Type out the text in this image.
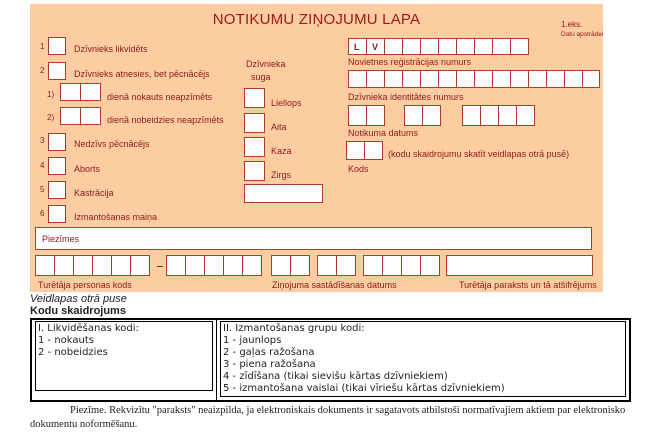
NOTIKUMU ZIŅOJUMU LAPA	1.eks.
Datu apstrādei
1	Dzīvnieks likvidēts
2	Dzīvnieks atnesies, bet pēcnācējs
1)	dienā nokauts neapzīmēts
2)	dienā nobeidzies neapzīmēts
3	Nedzīvs pēcnācējs
4	Aborts
5	Kastrācija
6	Izmantošanas maiņa
Dzīvnieka
suga
Liellops
Aita
Kaza
Zirgs
L V
Novietnes reģistrācijas numurs
Dzīvnieka identitātes numurs
Notikuma datums
(kodu skaidrojumu skatīt veidlapas otrā pusē)
Kods
Piezīmes
Turētāja personas kods	Ziņojuma sastādīšanas datums	Turētāja paraksts un tā atšifrējums
Veidlapas otrā puse
Kodu skaidrojums
I. Likvidēšanas kodi:
1 - nokauts
2 - nobeidzies

II. Izmantošanas grupu kodi:
1 - jaunlops
2 - gaļas ražošana
3 - piena ražošana
4 - zīdīšana (tikai sievišu kārtas dzīvniekiem)
5 - izmantošana vaislai (tikai vīriešu kārtas dzīvniekiem)
Piezīme. Rekvizītu "paraksts" neaizpilda, ja elektroniskais dokuments ir sagatavots atbilstoši normatīvajiem aktiem par elektronisko dokumentu noformēšanu.
